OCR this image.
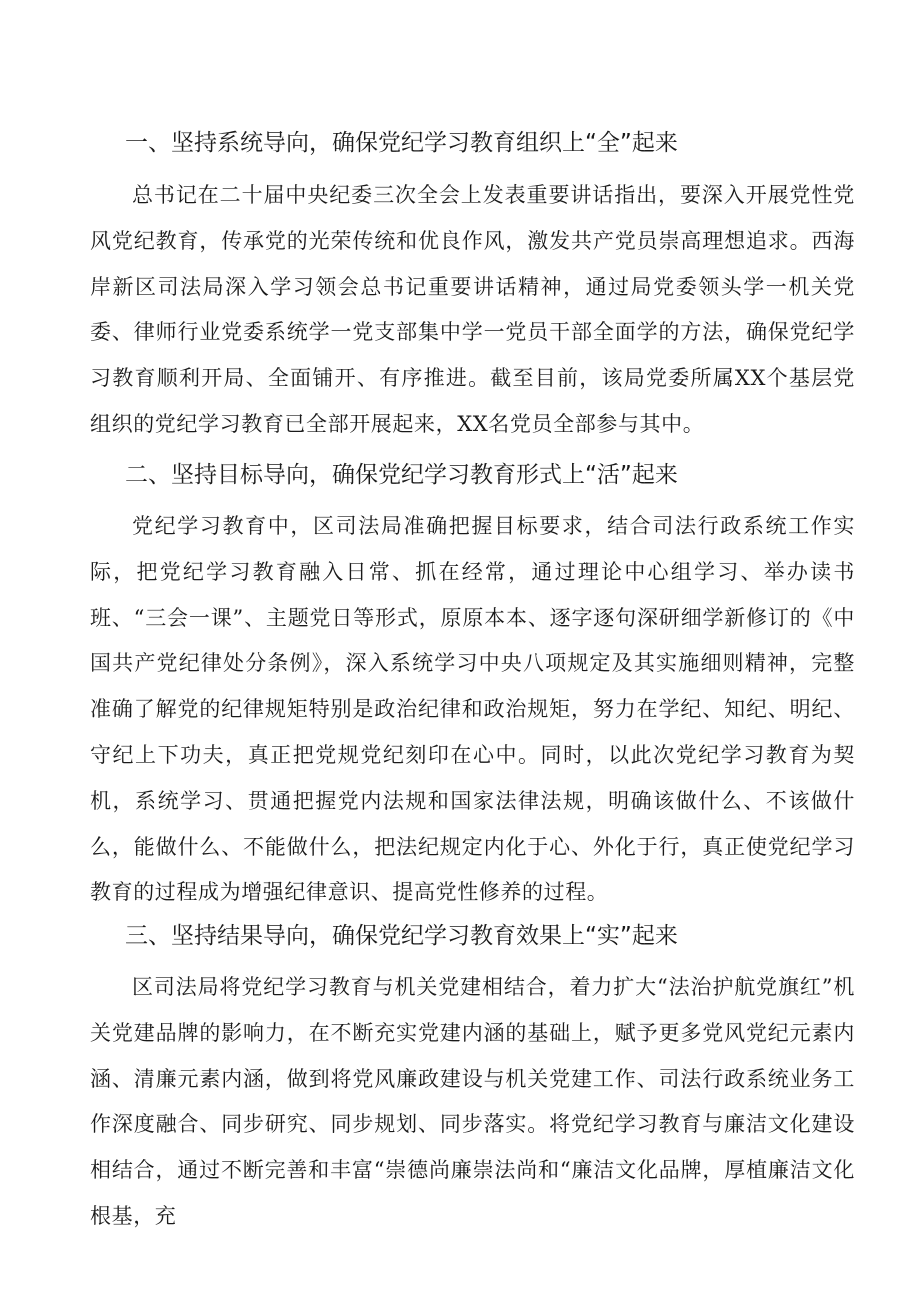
一、坚持系统导向，确保党纪学习教育组织上“全”起来

总书记在二十届中央纪委三次全会上发表重要讲话指出，要深入开展党性党风党纪教育，传承党的光荣传统和优良作风，激发共产党员崇高理想追求。西海岸新区司法局深入学习领会总书记重要讲话精神，通过局党委领头学一机关党委、律师行业党委系统学一党支部集中学一党员干部全面学的方法，确保党纪学习教育顺利开局、全面铺开、有序推进。截至目前，该局党委所属XX个基层党组织的党纪学习教育已全部开展起来，XX名党员全部参与其中。

二、坚持目标导向，确保党纪学习教育形式上“活”起来

党纪学习教育中，区司法局准确把握目标要求，结合司法行政系统工作实际，把党纪学习教育融入日常、抓在经常，通过理论中心组学习、举办读书班、“三会一课”、主题党日等形式，原原本本、逐字逐句深研细学新修订的《中国共产党纪律处分条例》，深入系统学习中央八项规定及其实施细则精神，完整准确了解党的纪律规矩特别是政治纪律和政治规矩，努力在学纪、知纪、明纪、守纪上下功夫，真正把党规党纪刻印在心中。同时，以此次党纪学习教育为契机，系统学习、贯通把握党内法规和国家法律法规，明确该做什么、不该做什么，能做什么、不能做什么，把法纪规定内化于心、外化于行，真正使党纪学习教育的过程成为增强纪律意识、提高党性修养的过程。

三、坚持结果导向，确保党纪学习教育效果上“实”起来

区司法局将党纪学习教育与机关党建相结合，着力扩大“法治护航党旗红”机关党建品牌的影响力，在不断充实党建内涵的基础上，赋予更多党风党纪元素内涵、清廉元素内涵，做到将党风廉政建设与机关党建工作、司法行政系统业务工作深度融合、同步研究、同步规划、同步落实。将党纪学习教育与廉洁文化建设相结合，通过不断完善和丰富“崇德尚廉崇法尚和“廉洁文化品牌，厚植廉洁文化根基，充
